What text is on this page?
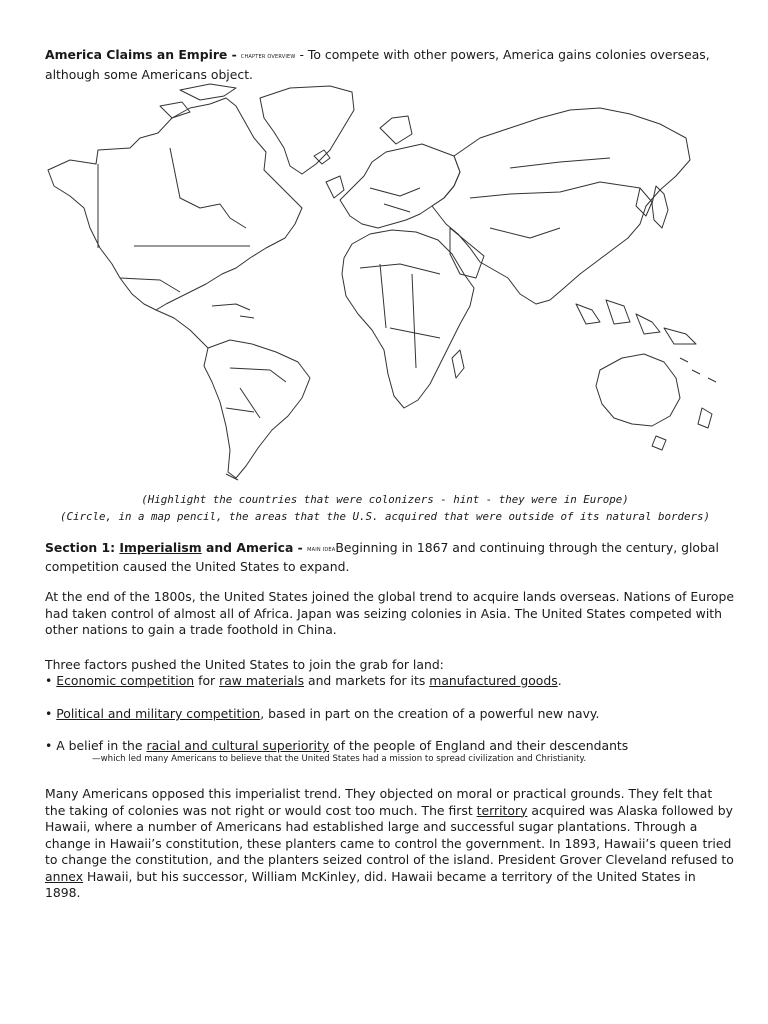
America Claims an Empire - CHAPTER OVERVIEW - To compete with other powers, America gains colonies overseas, although some Americans object.
(Highlight the countries that were colonizers - hint - they were in Europe)
(Circle, in a map pencil, the areas that the U.S. acquired that were outside of its natural borders)
Section 1: Imperialism and America - MAIN IDEABeginning in 1867 and continuing through the century, global competition caused the United States to expand.
At the end of the 1800s, the United States joined the global trend to acquire lands overseas. Nations of Europe had taken control of almost all of Africa. Japan was seizing colonies in Asia. The United States competed with other nations to gain a trade foothold in China.
Three factors pushed the United States to join the grab for land:
• Economic competition for raw materials and markets for its manufactured goods.
• Political and military competition, based in part on the creation of a powerful new navy.
• A belief in the racial and cultural superiority of the people of England and their descendants
—which led many Americans to believe that the United States had a mission to spread civilization and Christianity.
Many Americans opposed this imperialist trend. They objected on moral or practical grounds. They felt that the taking of colonies was not right or would cost too much. The first territory acquired was Alaska followed by Hawaii, where a number of Americans had established large and successful sugar plantations. Through a change in Hawaii’s constitution, these planters came to control the government. In 1893, Hawaii’s queen tried to change the constitution, and the planters seized control of the island. President Grover Cleveland refused to annex Hawaii, but his successor, William McKinley, did. Hawaii became a territory of the United States in 1898.
